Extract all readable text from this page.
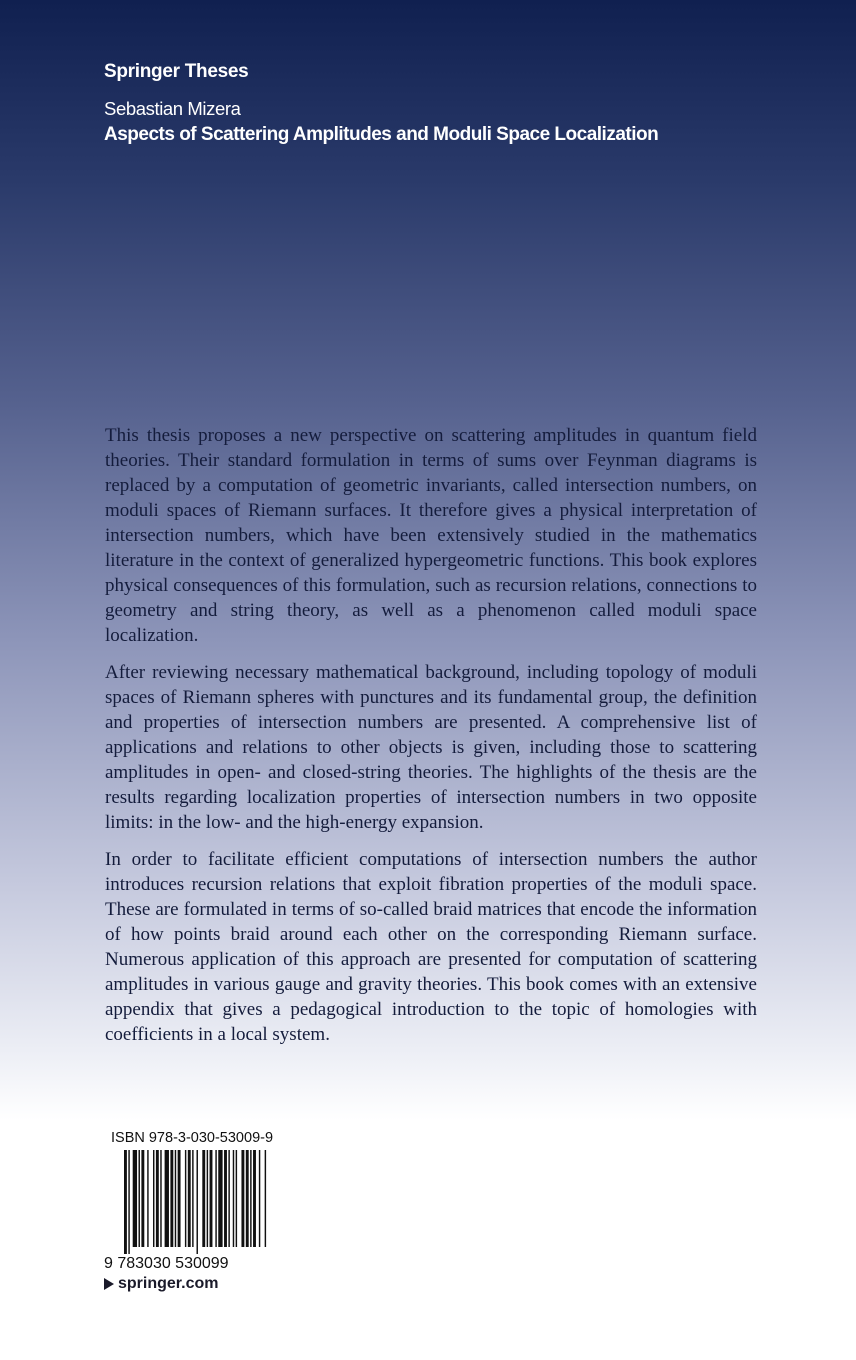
Springer Theses

Sebastian Mizera

Aspects of Scattering Amplitudes and Moduli Space Localization

This thesis proposes a new perspective on scattering amplitudes in quantum field theories. Their standard formulation in terms of sums over Feynman diagrams is replaced by a computation of geometric invariants, called intersection numbers, on moduli spaces of Riemann surfaces. It therefore gives a physical interpretation of intersection numbers, which have been extensively studied in the mathematics literature in the context of generalized hypergeometric functions. This book explores physical consequences of this formulation, such as recursion relations, connections to geometry and string theory, as well as a phenomenon called moduli space localization.

After reviewing necessary mathematical background, including topology of moduli spaces of Riemann spheres with punctures and its fundamental group, the definition and properties of intersection numbers are presented. A comprehensive list of applications and relations to other objects is given, including those to scattering amplitudes in open- and closed-string theories. The highlights of the thesis are the results regarding localization properties of intersection numbers in two opposite limits: in the low- and the high-energy expansion.

In order to facilitate efficient computations of intersection numbers the author introduces recursion relations that exploit fibration properties of the moduli space. These are formulated in terms of so-called braid matrices that encode the information of how points braid around each other on the corresponding Riemann surface. Numerous application of this approach are presented for computation of scattering amplitudes in various gauge and gravity theories. This book comes with an extensive appendix that gives a pedagogical introduction to the topic of homologies with coefficients in a local system.

ISBN 978-3-030-53009-9
9 783030 530099
springer.com
